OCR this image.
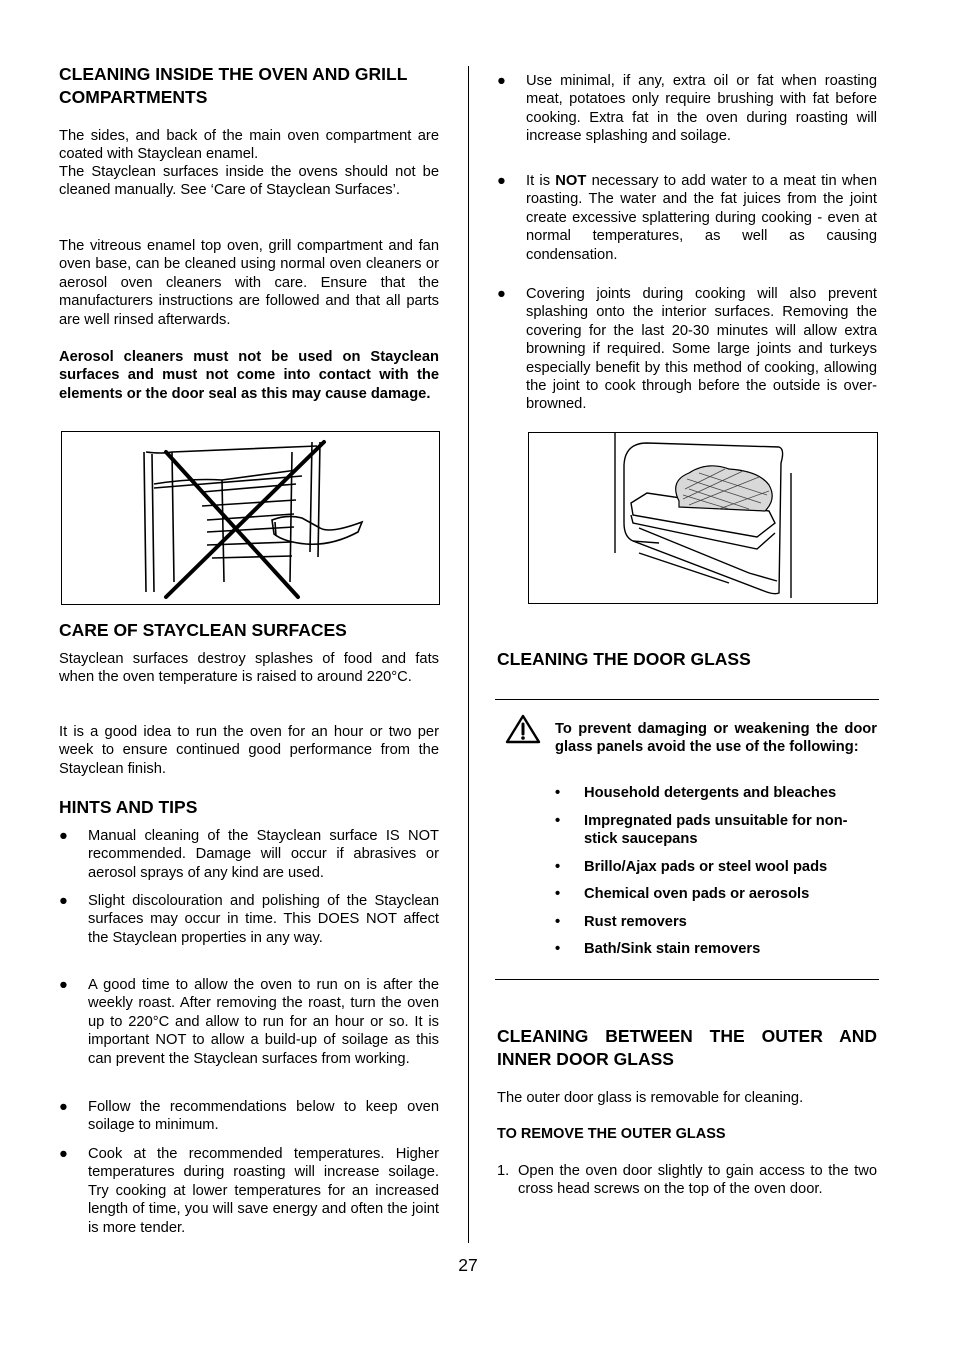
CLEANING INSIDE THE OVEN AND GRILL COMPARTMENTS

The sides, and back of the main oven compartment are coated with Stayclean enamel.

The Stayclean surfaces inside the ovens should not be cleaned manually. See ‘Care of Stayclean Surfaces’.

The vitreous enamel top oven, grill compartment and fan oven base, can be cleaned using normal oven cleaners or aerosol oven cleaners with care. Ensure that the manufacturers instructions are followed and that all parts are well rinsed afterwards.

Aerosol cleaners must not be used on Stayclean surfaces and must not come into contact with the elements or the door seal as this may cause damage.

CARE OF STAYCLEAN SURFACES

Stayclean surfaces destroy splashes of food and fats when the oven temperature is raised to around 220°C.

It is a good idea to run the oven for an hour or two per week to ensure continued good performance from the Stayclean finish.

HINTS AND TIPS
● Manual cleaning of the Stayclean surface IS NOT recommended. Damage will occur if abrasives or aerosol sprays of any kind are used.
● Slight discolouration and polishing of the Stayclean surfaces may occur in time. This DOES NOT affect the Stayclean properties in any way.
● A good time to allow the oven to run on is after the weekly roast. After removing the roast, turn the oven up to 220°C and allow to run for an hour or so. It is important NOT to allow a build-up of soilage as this can prevent the Stayclean surfaces from working.
● Follow the recommendations below to keep oven soilage to minimum.
● Cook at the recommended temperatures. Higher temperatures during roasting will increase soilage. Try cooking at lower temperatures for an increased length of time, you will save energy and often the joint is more tender.
● Use minimal, if any, extra oil or fat when roasting meat, potatoes only require brushing with fat before cooking. Extra fat in the oven during roasting will increase splashing and soilage.
● It is NOT necessary to add water to a meat tin when roasting. The water and the fat juices from the joint create excessive splattering during cooking - even at normal temperatures, as well as causing condensation.
● Covering joints during cooking will also prevent splashing onto the interior surfaces. Removing the covering for the last 20-30 minutes will allow extra browning if required. Some large joints and turkeys especially benefit by this method of cooking, allowing the joint to cook through before the outside is over-browned.
CLEANING THE DOOR GLASS

To prevent damaging or weakening the door glass panels avoid the use of the following:

• Household detergents and bleaches
• Impregnated pads unsuitable for non-stick saucepans
• Brillo/Ajax pads or steel wool pads
• Chemical oven pads or aerosols
• Rust removers
• Bath/Sink stain removers
CLEANING BETWEEN THE OUTER AND INNER DOOR GLASS

The outer door glass is removable for cleaning.

TO REMOVE THE OUTER GLASS

1. Open the oven door slightly to gain access to the two cross head screws on the top of the oven door.
27
